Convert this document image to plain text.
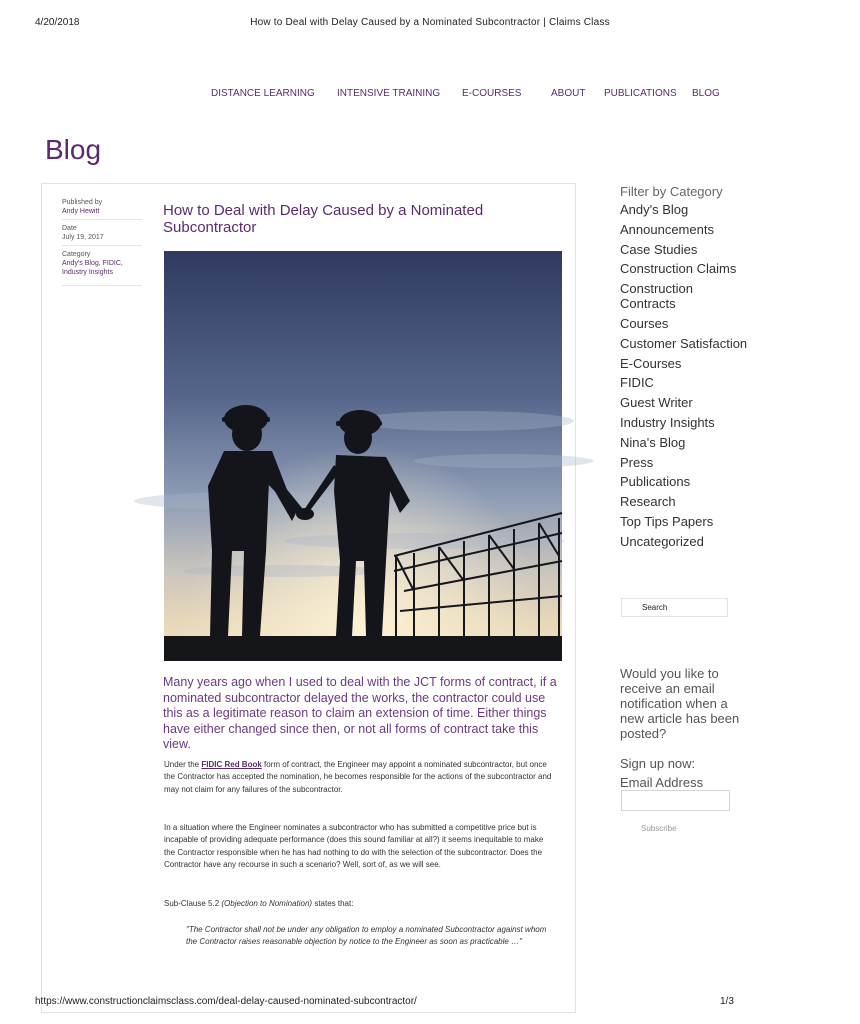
4/20/2018	How to Deal with Delay Caused by a Nominated Subcontractor | Claims Class
DISTANCE LEARNING INTENSIVE TRAINING E-COURSES	ABOUT PUBLICATIONS BLOG
Blog
Published by
Andy Hewitt
Date
July 19, 2017
Category
Andy's Blog, FIDIC, Industry Insights
How to Deal with Delay Caused by a Nominated Subcontractor

Many years ago when I used to deal with the JCT forms of contract, if a nominated subcontractor delayed the works, the contractor could use this as a legitimate reason to claim an extension of time. Either things have either changed since then, or not all forms of contract take this view.

Under the FIDIC Red Book form of contract, the Engineer may appoint a nominated subcontractor, but once the Contractor has accepted the nomination, he becomes responsible for the actions of the subcontractor and may not claim for any failures of the subcontractor.

In a situation where the Engineer nominates a subcontractor who has submitted a competitive price but is incapable of providing adequate performance (does this sound familiar at all?) it seems inequitable to make the Contractor responsible when he has had nothing to do with the selection of the subcontractor. Does the Contractor have any recourse in such a scenario? Well, sort of, as we will see.

Sub-Clause 5.2 (Objection to Nomination) states that:

"The Contractor shall not be under any obligation to employ a nominated Subcontractor against whom the Contractor raises reasonable objection by notice to the Engineer as soon as practicable …"

Filter by Category
Andy's Blog
Announcements
Case Studies
Construction Claims
Construction Contracts
Courses
Customer Satisfaction
E-Courses
FIDIC
Guest Writer
Industry Insights
Nina's Blog
Press
Publications
Research
Top Tips Papers
Uncategorized
Search

Would you like to receive an email notification when a new article has been posted?

Sign up now:

Email Address

Subscribe
https://www.constructionclaimsclass.com/deal-delay-caused-nominated-subcontractor/	1/3
